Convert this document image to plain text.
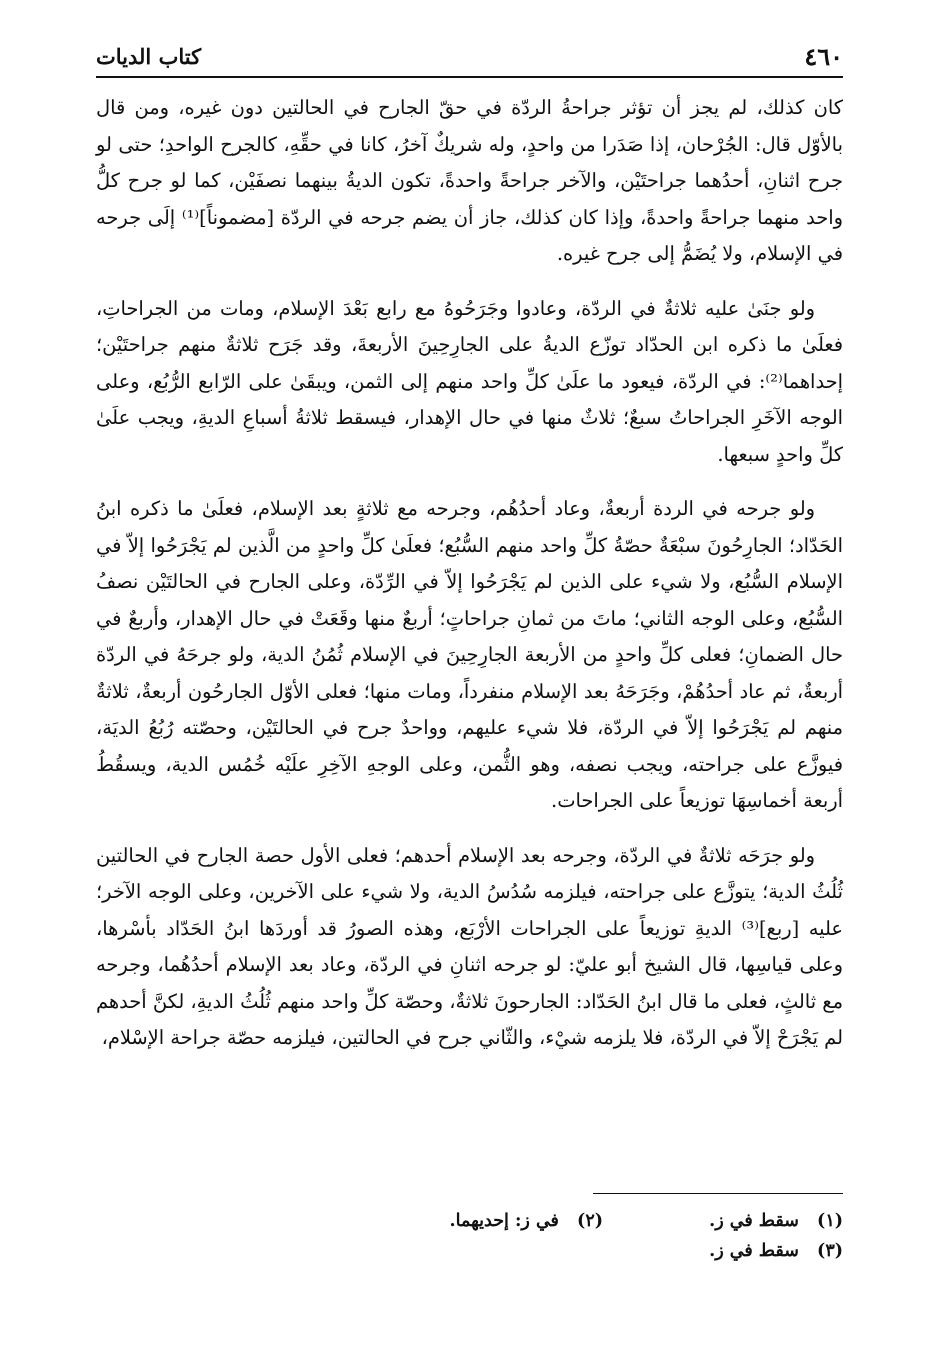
٤٦٠
كتاب الديات

كان كذلك، لم يجز أن تؤثر جراحةُ الردّة في حقّ الجارح في الحالتين دون غيره، ومن قال بالأوّل قال: الجُرْحان، إذا صَدَرا من واحدٍ، وله شريكٌ آخرُ، كانا في حقِّهِ، كالجرح الواحدِ؛ حتى لو جرح اثنانِ، أحدُهما جراحتَيْن، والآخر جراحةً واحدةً، تكون الديةُ بينهما نصفَيْن، كما لو جرح كلُّ واحد منهما جراحةً واحدةً، وإذا كان كذلك، جاز أن يضم جرحه في الردّة [مضموناً]⁽¹⁾ إلَى جرحه في الإسلام، ولا يُضَمُّ إلى جرح غيره.

ولو جنَىٰ عليه ثلاثةٌ في الردّة، وعادوا وجَرَحُوهُ مع رابع بَعْدَ الإسلام، ومات من الجراحاتِ، فعلَىٰ ما ذكره ابن الحدّاد توزّع الديةُ على الجارِحِينَ الأربعةَ، وقد جَرَح ثلاثةٌ منهم جراحتَيْن؛ إحداهما⁽²⁾: في الردّة، فيعود ما علَىٰ كلِّ واحد منهم إلى الثمن، ويبقَىٰ على الرّابع الرُّبُع، وعلى الوجه الآخَرِ الجراحاتُ سبعٌ؛ ثلاثٌ منها في حال الإهدار، فيسقط ثلاثةُ أسباعِ الديةِ، ويجب علَىٰ كلِّ واحدٍ سبعها.

ولو جرحه في الردة أربعةٌ، وعاد أحدُهُم، وجرحه مع ثلاثةٍ بعد الإسلام، فعلَىٰ ما ذكره ابنُ الحَدّاد؛ الجارِحُونَ سبْعَةٌ حصّةُ كلِّ واحد منهم السُّبُع؛ فعلَىٰ كلِّ واحدٍ من الَّذين لم يَجْرَحُوا إلاّ في الإسلام السُّبُع، ولا شيء على الذين لم يَجْرَحُوا إلاّ في الرِّدّة، وعلى الجارح في الحالتَيْن نصفُ السُّبُع، وعلى الوجه الثاني؛ ماتَ من ثمانِ جراحاتٍ؛ أربعٌ منها وقَعَتْ في حال الإهدار، وأربعٌ في حال الضمانِ؛ فعلى كلِّ واحدٍ من الأربعة الجارِحِينَ في الإسلام ثُمُنُ الدية، ولو جرحَهُ في الردّة أربعةٌ، ثم عاد أحدُهُمْ، وجَرَحَهُ بعد الإسلام منفرداً، ومات منها؛ فعلى الأوّل الجارحُون أربعةٌ، ثلاثةٌ منهم لم يَجْرَحُوا إلاّ في الردّة، فلا شيء عليهم، وواحدٌ جرح في الحالتَيْن، وحصّته رُبُعُ الديَة، فيوزَّع على جراحته، ويجب نصفه، وهو الثُّمن، وعلى الوجهِ الآخِرِ علَيْه خُمُس الدية، ويسقُطُ أربعة أخماسِهَا توزيعاً على الجراحات.

ولو جرَحَه ثلاثةٌ في الردّة، وجرحه بعد الإسلام أحدهم؛ فعلى الأول حصة الجارح في الحالتين ثُلُثُ الدية؛ يتوزَّع على جراحته، فيلزمه سُدُسُ الدية، ولا شيء على الآخرين، وعلى الوجه الآخر؛ عليه [ربع]⁽³⁾ الديةِ توزيعاً على الجراحات الأرْبَع، وهذه الصورُ قد أوردَها ابنُ الحَدّاد بأسْرها، وعلى قياسِها، قال الشيخ أبو عليّ: لو جرحه اثنانِ في الردّة، وعاد بعد الإسلام أحدُهُما، وجرحه مع ثالثٍ، فعلى ما قال ابنُ الحَدّاد: الجارحونَ ثلاثةٌ، وحصّة كلِّ واحد منهم ثُلُثُ الديةِ، لكنَّ أحدهم لم يَجْرَحْ إلاّ في الردّة، فلا يلزمه شيْء، والثّاني جرح في الحالتين، فيلزمه حصّة جراحة الإسْلام،

(١) سقط في ز.
(٢) في ز: إحديهما.
(٣) سقط في ز.
